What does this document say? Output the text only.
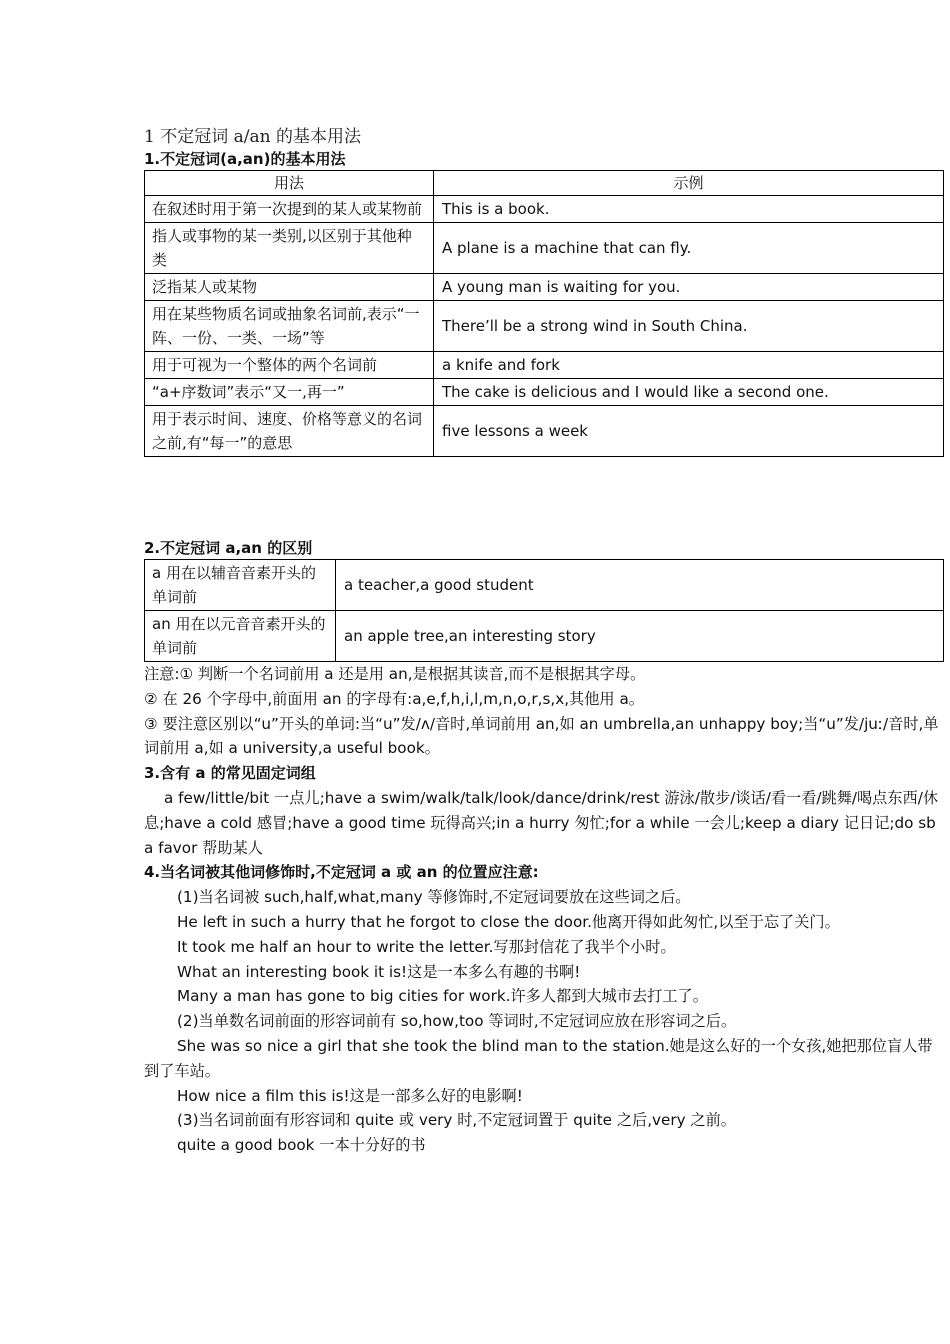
1 不定冠词 a/an 的基本用法
1.不定冠词(a,an)的基本用法
用法	示例
在叙述时用于第一次提到的某人或某物前	This is a book.
指人或事物的某一类别,以区别于其他种类	A plane is a machine that can fly.
泛指某人或某物	A young man is waiting for you.
用在某些物质名词或抽象名词前,表示“一阵、一份、一类、一场”等	There’ll be a strong wind in South China.
用于可视为一个整体的两个名词前	a knife and fork
“a+序数词”表示“又一,再一”	The cake is delicious and I would like a second one.
用于表示时间、速度、价格等意义的名词之前,有“每一”的意思	five lessons a week
2.不定冠词 a,an 的区别
a 用在以辅音音素开头的单词前	a teacher,a good student
an 用在以元音音素开头的单词前	an apple tree,an interesting story

注意:① 判断一个名词前用 a 还是用 an,是根据其读音,而不是根据其字母。

② 在 26 个字母中,前面用 an 的字母有:a,e,f,h,i,l,m,n,o,r,s,x,其他用 a。

③ 要注意区别以“u”开头的单词:当“u”发/ʌ/音时,单词前用 an,如 an umbrella,an unhappy boy;当“u”发/juː/音时,单词前用 a,如 a university,a useful book。

3.含有 a 的常见固定词组

a few/little/bit 一点儿;have a swim/walk/talk/look/dance/drink/rest 游泳/散步/谈话/看一看/跳舞/喝点东西/休息;have a cold 感冒;have a good time 玩得高兴;in a hurry 匆忙;for a while 一会儿;keep a diary 记日记;do sb a favor 帮助某人

4.当名词被其他词修饰时,不定冠词 a 或 an 的位置应注意:

(1)当名词被 such,half,what,many 等修饰时,不定冠词要放在这些词之后。

He left in such a hurry that he forgot to close the door.他离开得如此匆忙,以至于忘了关门。

It took me half an hour to write the letter.写那封信花了我半个小时。

What an interesting book it is!这是一本多么有趣的书啊!

Many a man has gone to big cities for work.许多人都到大城市去打工了。

(2)当单数名词前面的形容词前有 so,how,too 等词时,不定冠词应放在形容词之后。

She was so nice a girl that she took the blind man to the station.她是这么好的一个女孩,她把那位盲人带到了车站。

How nice a film this is!这是一部多么好的电影啊!

(3)当名词前面有形容词和 quite 或 very 时,不定冠词置于 quite 之后,very 之前。

quite a good book 一本十分好的书
